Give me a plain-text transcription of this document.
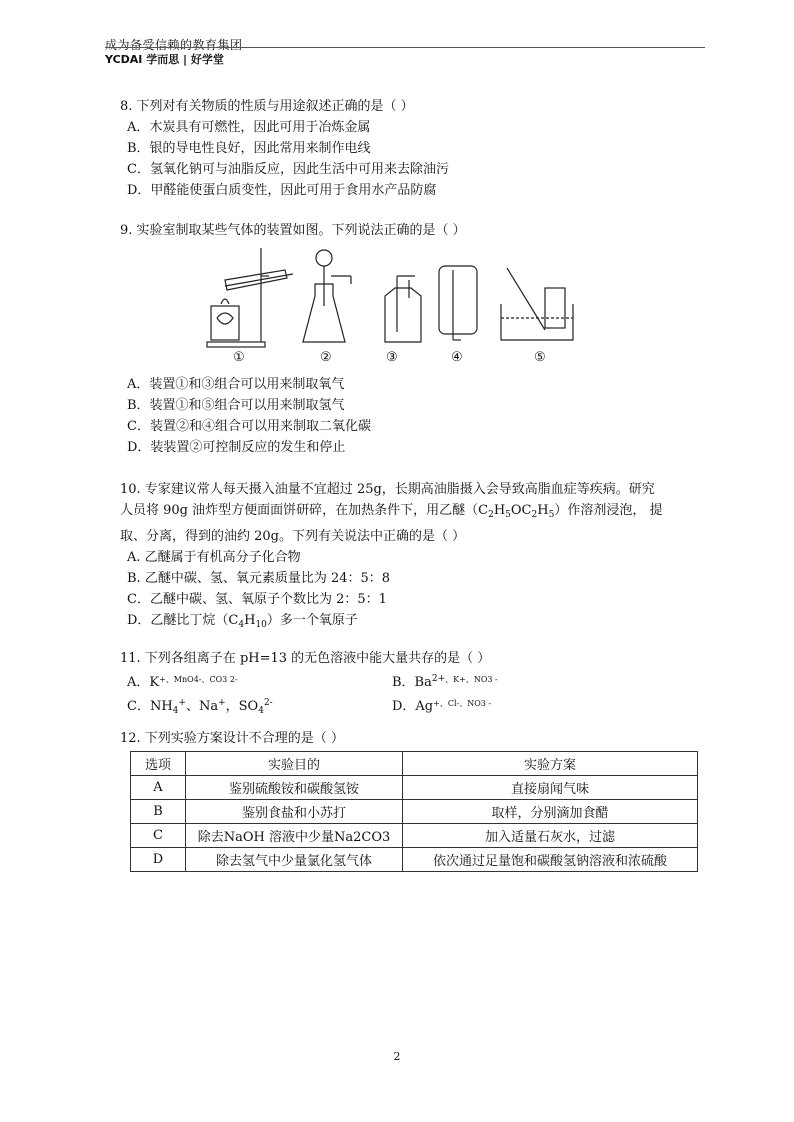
成为备受信赖的教育集团
YCDAI 学而思 | 好学堂

8. 下列对有关物质的性质与用途叙述正确的是（ ）

A．木炭具有可燃性，因此可用于冶炼金属

B．银的导电性良好，因此常用来制作电线

C．氢氧化钠可与油脂反应，因此生活中可用来去除油污

D．甲醛能使蛋白质变性，因此可用于食用水产品防腐

9. 实验室制取某些气体的装置如图。下列说法正确的是（ ）

①	②	③	④	⑤

A．装置①和③组合可以用来制取氧气

B．装置①和⑤组合可以用来制取氢气

C．装置②和④组合可以用来制取二氧化碳

D．装装置②可控制反应的发生和停止

10. 专家建议常人每天摄入油量不宜超过 25g，长期高油脂摄入会导致高脂血症等疾病。研究

人员将 90g 油炸型方便面面饼研碎，在加热条件下，用乙醚$(C_2H_5OC_2H_5)$作溶剂浸泡， 提

取、分离，得到的油约 20g。下列有关说法中正确的是（ ）

A. 乙醚属于有机高分子化合物

B. 乙醚中碳、氢、氧元素质量比为 24：5：8

C．乙醚中碳、氢、氧原子个数比为 2：5：1

D．乙醚比丁烷$(C_4H_{10})$多一个氧原子

11. 下列各组离子在 pH=13 的无色溶液中能大量共存的是（ ）

A．$K^{+、MnO4-、CO3 2-}$	B．$Ba^{2+、K+、NO3 -}$
C．$NH_4^+$、Na+，$SO_4^{2-}$	D．$Ag^{+、Cl-、NO3 -}$

12. 下列实验方案设计不合理的是（ ）

选项	实验目的	实验方案
A	鉴别硫酸铵和碳酸氢铵	直接扇闻气味
B	鉴别食盐和小苏打	取样，分别滴加食醋
C	除去NaOH 溶液中少量Na2CO3	加入适量石灰水，过滤
D	除去氢气中少量氯化氢气体	依次通过足量饱和碳酸氢钠溶液和浓硫酸
2
